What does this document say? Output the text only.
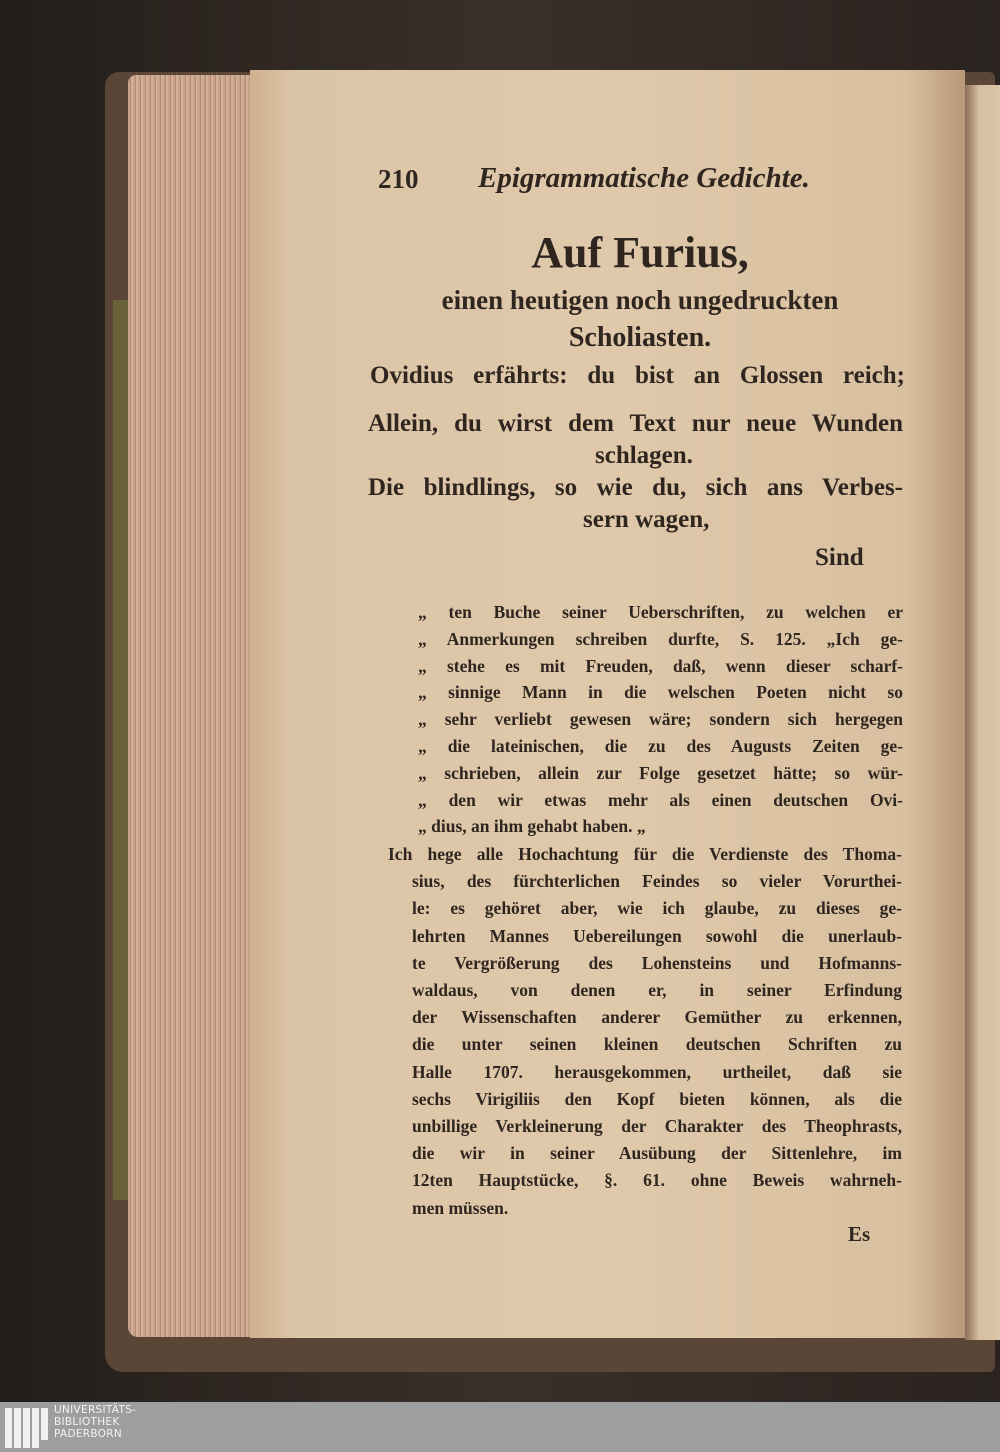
210 Epigrammatische Gedichte.
Auf Furius,
einen heutigen noch ungedruckten
Scholiasten.
Ovidius erfährts: du bist an Glossen reich;
Allein, du wirst dem Text nur neue Wunden
schlagen.
Die blindlings, so wie du, sich ans Verbes-
sern wagen,
Sind
„ ten Buche seiner Ueberschriften, zu welchen er
„ Anmerkungen schreiben durfte, S. 125. „Ich ge-
„ stehe es mit Freuden, daß, wenn dieser scharf-
„ sinnige Mann in die welschen Poeten nicht so
„ sehr verliebt gewesen wäre; sondern sich hergegen
„ die lateinischen, die zu des Augusts Zeiten ge-
„ schrieben, allein zur Folge gesetzet hätte; so wür-
„ den wir etwas mehr als einen deutschen Ovi-
„ dius, an ihm gehabt haben. „
Ich hege alle Hochachtung für die Verdienste des Thoma-
sius, des fürchterlichen Feindes so vieler Vorurthei-
le: es gehöret aber, wie ich glaube, zu dieses ge-
lehrten Mannes Uebereilungen sowohl die unerlaub-
te Vergrößerung des Lohensteins und Hofmanns-
waldaus, von denen er, in seiner Erfindung
der Wissenschaften anderer Gemüther zu erkennen,
die unter seinen kleinen deutschen Schriften zu
Halle 1707. herausgekommen, urtheilet, daß sie
sechs Virigiliis den Kopf bieten können, als die
unbillige Verkleinerung der Charakter des Theophrasts,
die wir in seiner Ausübung der Sittenlehre, im
12ten Hauptstücke, §. 61. ohne Beweis wahrneh-
men müssen.
Es
UNIVERSITÄTS-
BIBLIOTHEK
PADERBORN
